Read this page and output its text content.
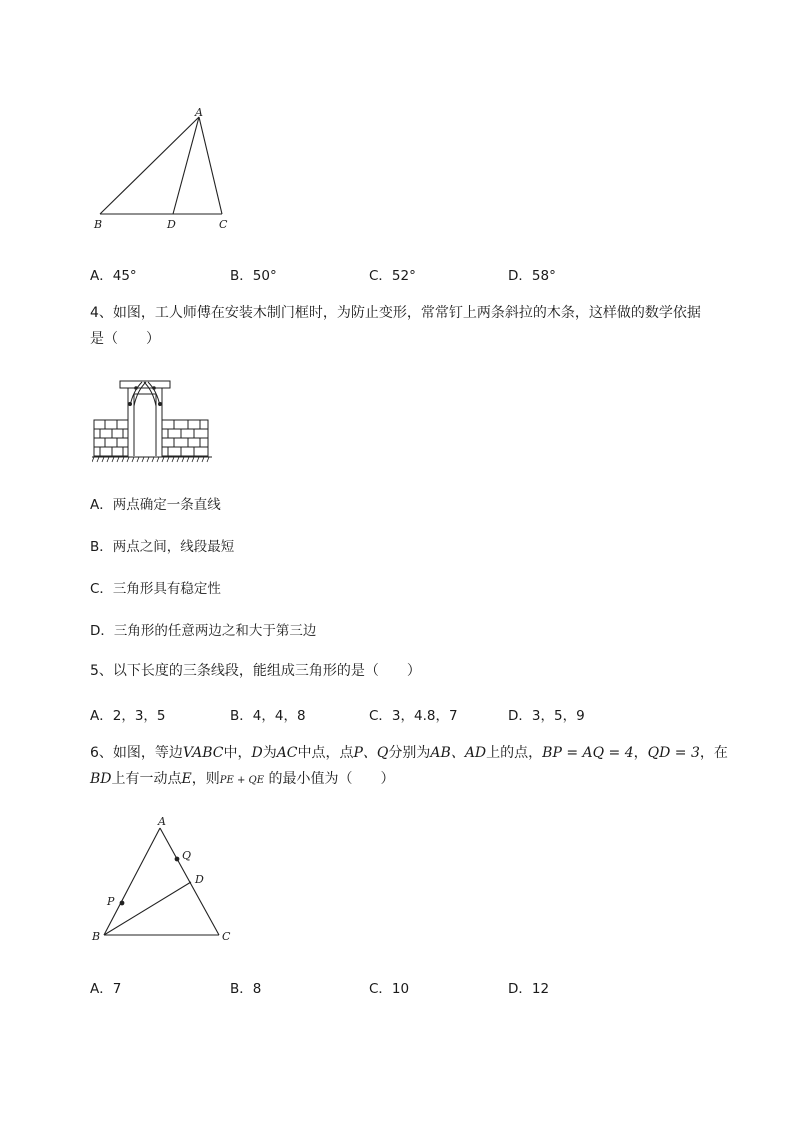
A
B	D	C
A．45°	B．50°	C．52°	D．58°
4、如图，工人师傅在安装木制门框时，为防止变形，常常钉上两条斜拉的木条，这样做的数学依据
是（　　）
A．两点确定一条直线
B．两点之间，线段最短
C．三角形具有稳定性
D．三角形的任意两边之和大于第三边
5、以下长度的三条线段，能组成三角形的是（　　）
A．2，3，5	B．4，4，8	C．3，4.8，7	D．3，5，9
6、如图，等边VABC中，D为AC中点，点P、Q分别为AB、AD上的点，BP = AQ = 4，QD = 3，在
BD上有一动点E，则PE + QE 的最小值为（　　）
A
Q
D
P
B	C
A．7	B．8	C．10	D．12
